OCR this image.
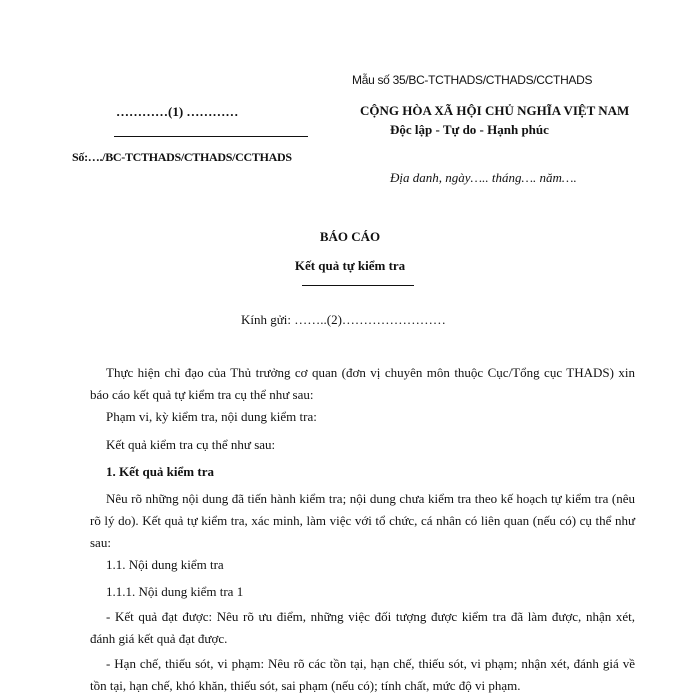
Mẫu số 35/BC-TCTHADS/CTHADS/CCTHADS
…………(1) …………	CỘNG HÒA XÃ HỘI CHỦ NGHĨA VIỆT NAM
Độc lập - Tự do - Hạnh phúc
Số:…./BC-TCTHADS/CTHADS/CCTHADS
Địa danh, ngày….. tháng…. năm….
BÁO CÁO
Kết quả tự kiểm tra
Kính gửi: ……..(2)……………………
Thực hiện chỉ đạo của Thủ trưởng cơ quan (đơn vị chuyên môn thuộc Cục/Tổng cục THADS) xin báo cáo kết quả tự kiểm tra cụ thể như sau:
Phạm vi, kỳ kiểm tra, nội dung kiểm tra:
Kết quả kiểm tra cụ thể như sau:
1. Kết quả kiểm tra
Nêu rõ những nội dung đã tiến hành kiểm tra; nội dung chưa kiểm tra theo kế hoạch tự kiểm tra (nêu rõ lý do). Kết quả tự kiểm tra, xác minh, làm việc với tổ chức, cá nhân có liên quan (nếu có) cụ thể như sau:
1.1. Nội dung kiểm tra
1.1.1. Nội dung kiểm tra 1
- Kết quả đạt được: Nêu rõ ưu điểm, những việc đối tượng được kiểm tra đã làm được, nhận xét, đánh giá kết quả đạt được.
- Hạn chế, thiếu sót, vi phạm: Nêu rõ các tồn tại, hạn chế, thiếu sót, vi phạm; nhận xét, đánh giá về tồn tại, hạn chế, khó khăn, thiếu sót, sai phạm (nếu có); tính chất, mức độ vi phạm.
